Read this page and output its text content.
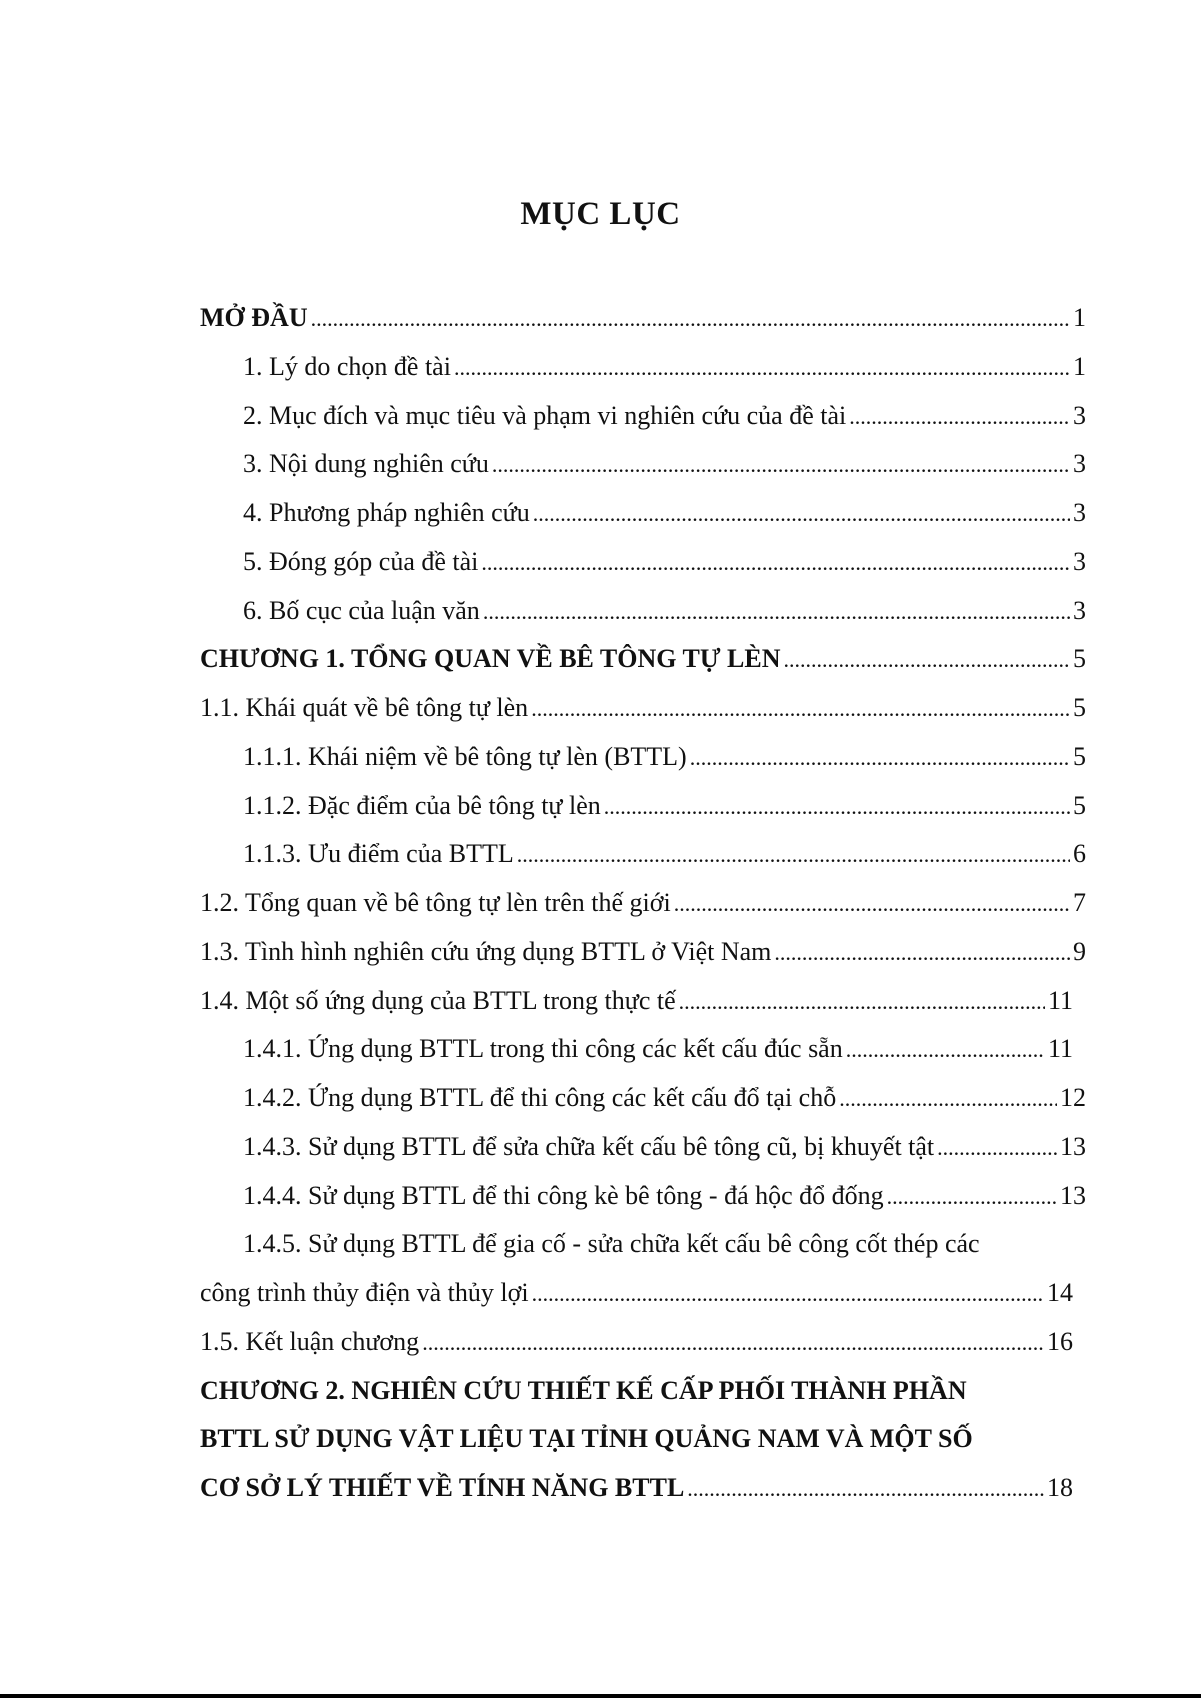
MỤC LỤC
MỞ ĐẦU .....	1
1. Lý do chọn đề tài .....	1
2. Mục đích và mục tiêu và phạm vi nghiên cứu của đề tài .....	3
3. Nội dung nghiên cứu .....	3
4. Phương pháp nghiên cứu .....	3
5. Đóng góp của đề tài .....	3
6. Bố cục của luận văn .....	3
CHƯƠNG 1. TỔNG QUAN VỀ BÊ TÔNG TỰ LÈN .....	5
1.1. Khái quát về bê tông tự lèn .....	5
1.1.1. Khái niệm về bê tông tự lèn (BTTL) .....	5
1.1.2. Đặc điểm của bê tông tự lèn .....	5
1.1.3. Ưu điểm của BTTL .....	6
1.2. Tổng quan về bê tông tự lèn trên thế giới .....	7
1.3. Tình hình nghiên cứu ứng dụng BTTL ở Việt Nam .....	9
1.4. Một số ứng dụng của BTTL trong thực tế .....	11
1.4.1. Ứng dụng BTTL trong thi công các kết cấu đúc sẵn .....	11
1.4.2. Ứng dụng BTTL để thi công các kết cấu đổ tại chỗ .....	12
1.4.3. Sử dụng BTTL để sửa chữa kết cấu bê tông cũ, bị khuyết tật .....	13
1.4.4. Sử dụng BTTL để thi công kè bê tông - đá hộc đổ đống .....	13
1.4.5. Sử dụng BTTL để gia cố - sửa chữa kết cấu bê công cốt thép các
công trình thủy điện và thủy lợi .....	14
1.5. Kết luận chương .....	16
CHƯƠNG 2. NGHIÊN CỨU THIẾT KẾ CẤP PHỐI THÀNH PHẦN
BTTL SỬ DỤNG VẬT LIỆU TẠI TỈNH QUẢNG NAM VÀ MỘT SỐ
CƠ SỞ LÝ THIẾT VỀ TÍNH NĂNG BTTL .....	18
